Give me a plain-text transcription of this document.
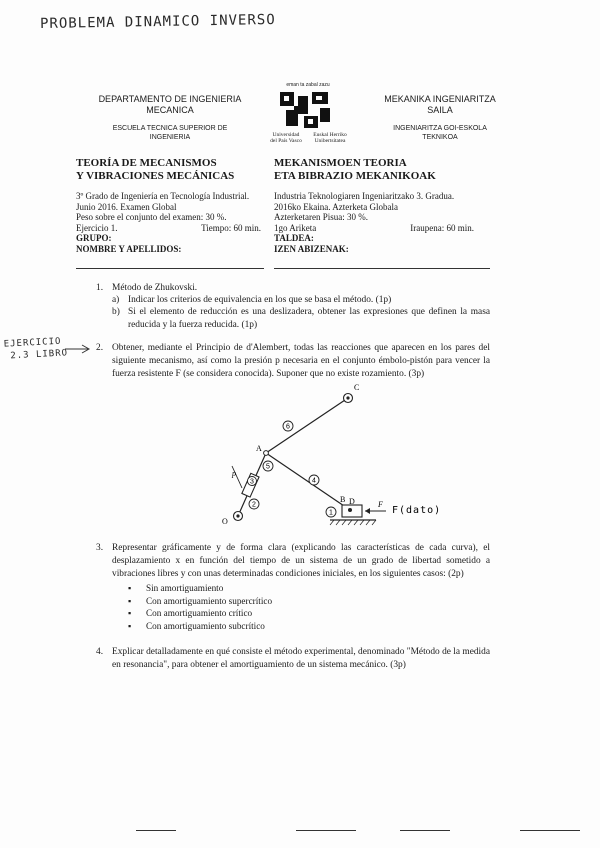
PROBLEMA DINAMICO INVERSO
DEPARTAMENTO DE INGENIERIA
MECANICA
ESCUELA TECNICA SUPERIOR DE
INGENIERIA
eman ta zabal zazu
Universidad
del País Vasco
Euskal Herriko
Unibertsitatea
MEKANIKA INGENIARITZA
SAILA
INGENIARITZA GOI-ESKOLA
TEKNIKOA
TEORÍA DE MECANISMOS
Y VIBRACIONES MECÁNICAS
MEKANISMOEN TEORIA
ETA BIBRAZIO MEKANIKOAK
3º Grado de Ingeniería en Tecnología Industrial.
Junio 2016. Examen Global
Peso sobre el conjunto del examen: 30 %.
Ejercicio 1.	Tiempo: 60 min.
GRUPO:
NOMBRE Y APELLIDOS:
Industria Teknologiaren Ingeniaritzako 3. Gradua.
2016ko Ekaina. Azterketa Globala
Azterketaren Pisua: 30 %.
1go Ariketa	Iraupena: 60 min.
TALDEA:
IZEN ABIZENAK:
1. Método de Zhukovski.
a) Indicar los criterios de equivalencia en los que se basa el método. (1p)
b) Si el elemento de reducción es una deslizadera, obtener las expresiones que definen la masa reducida y la fuerza reducida. (1p)
EJERCICIO
2.3 LIBRO
2. Obtener, mediante el Principio de d'Alembert, todas las reacciones que aparecen en los pares del siguiente mecanismo, así como la presión p necesaria en el conjunto émbolo-pistón para vencer la fuerza resistente F (se considera conocida). Suponer que no existe rozamiento. (3p)
p
C
A
O
B D
6
4
5
2
1
3
F
F(dato)
3. Representar gráficamente y de forma clara (explicando las características de cada curva), el desplazamiento x en función del tiempo de un sistema de un grado de libertad sometido a vibraciones libres y con unas determinadas condiciones iniciales, en los siguientes casos: (2p)
▪ Sin amortiguamiento
▪ Con amortiguamiento supercrítico
▪ Con amortiguamiento crítico
▪ Con amortiguamiento subcrítico
4. Explicar detalladamente en qué consiste el método experimental, denominado "Método de la medida en resonancia", para obtener el amortiguamiento de un sistema mecánico. (3p)
